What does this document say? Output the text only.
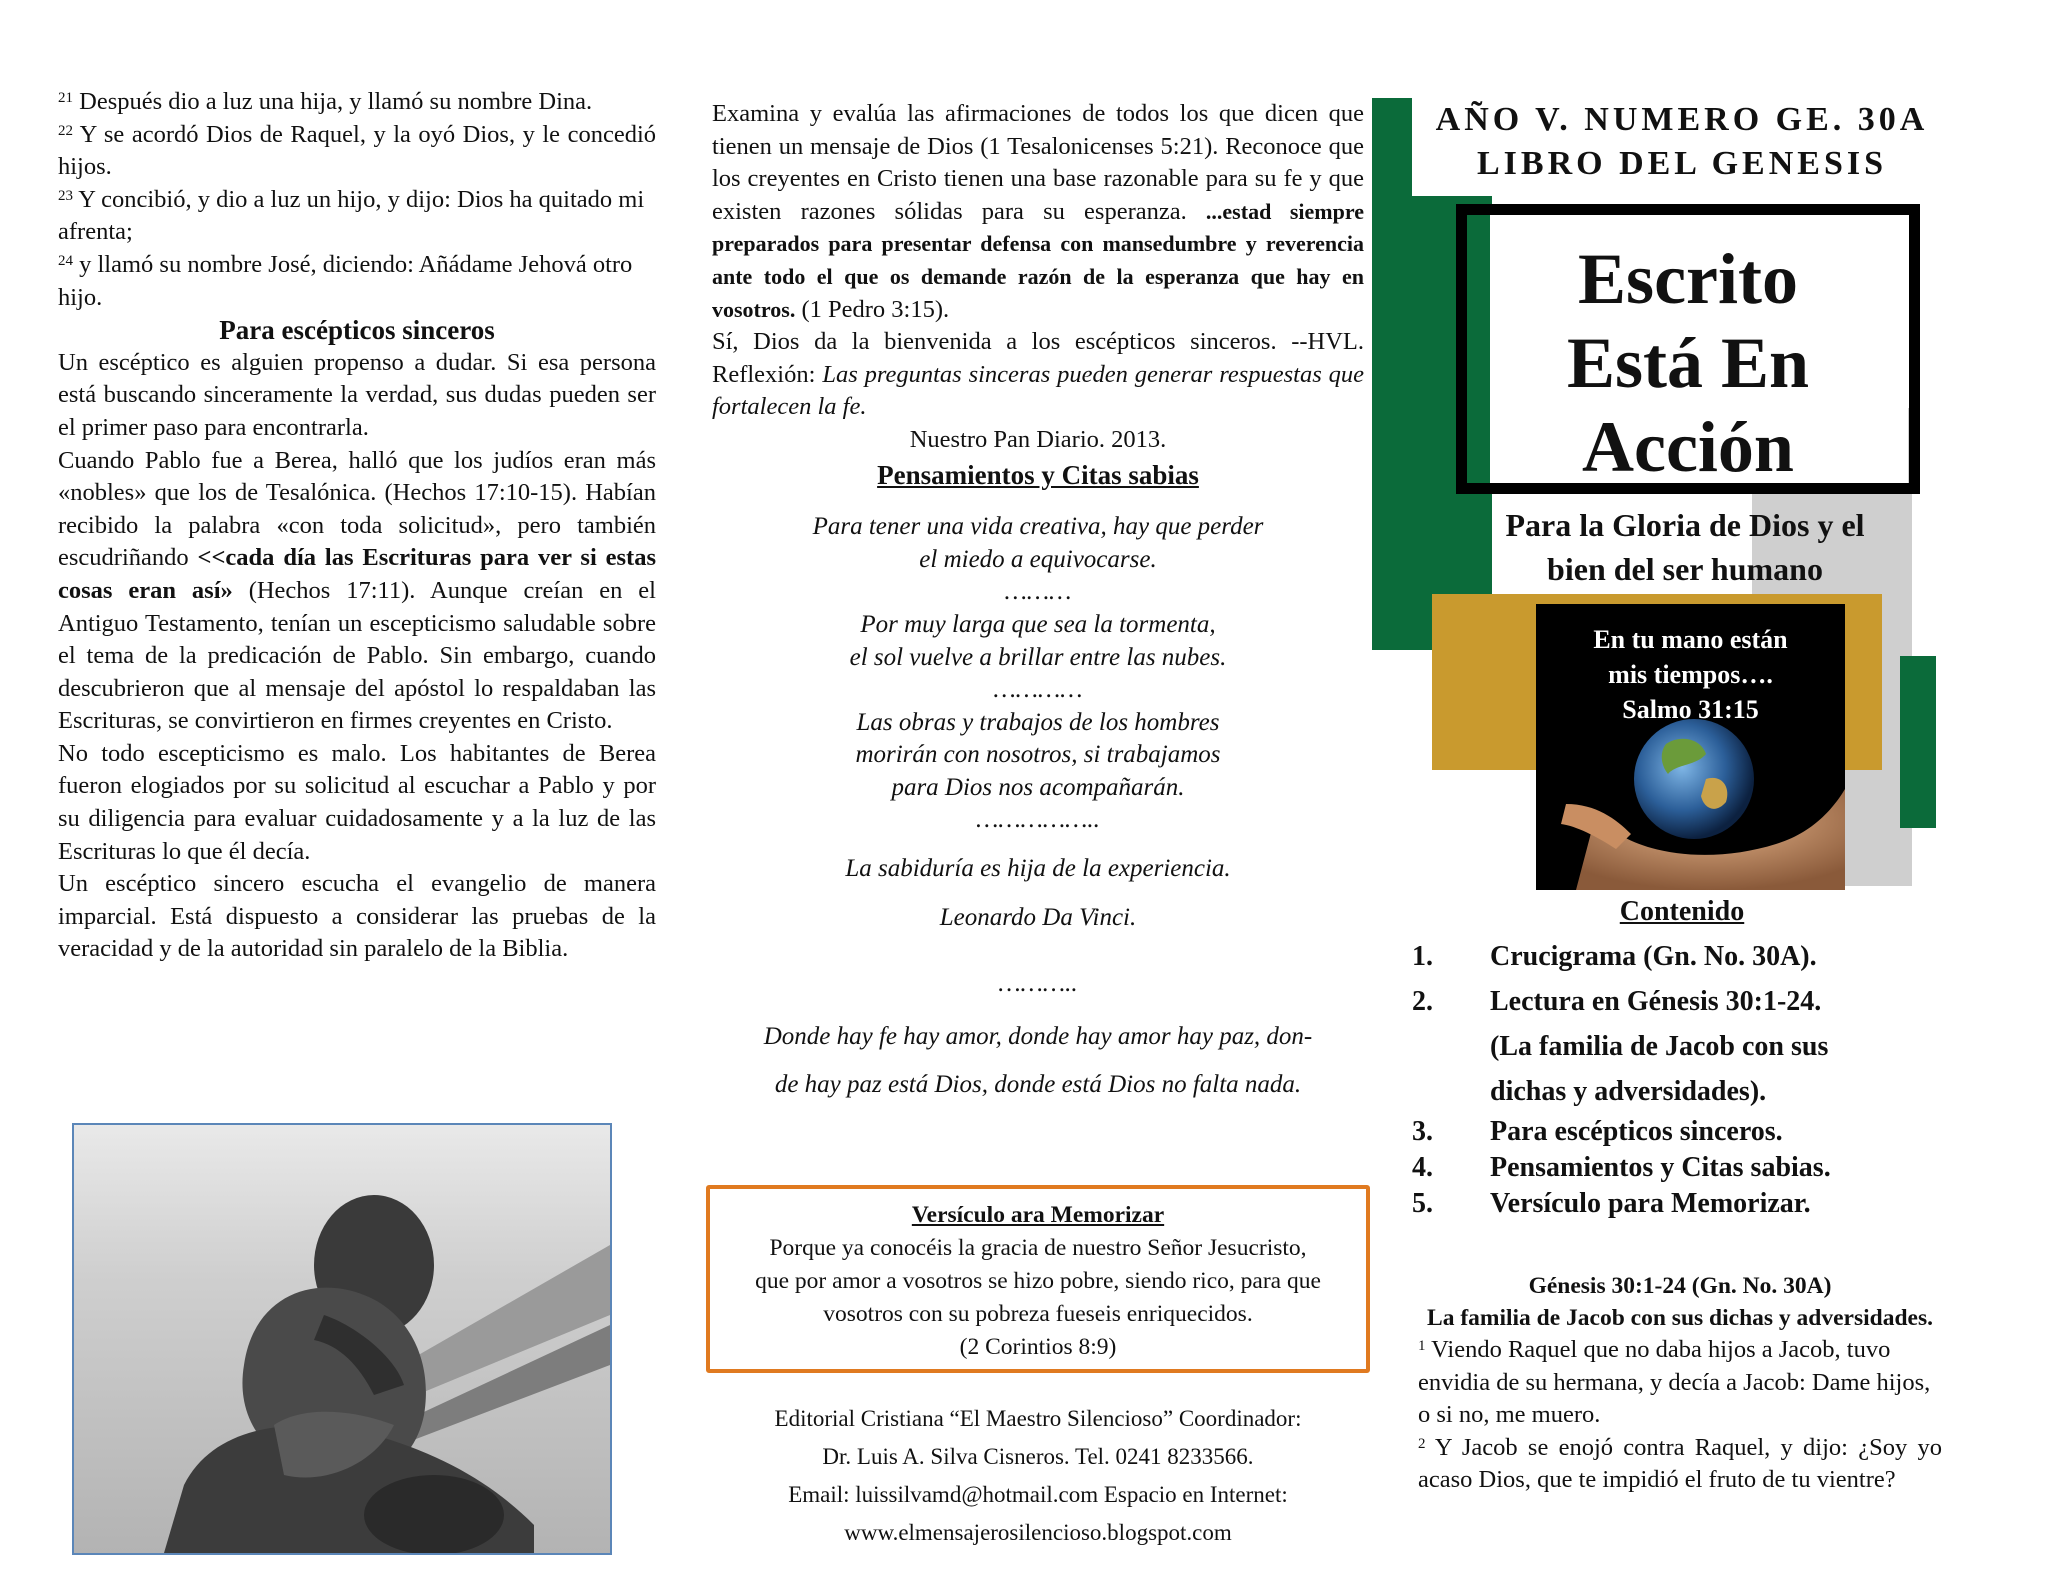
$^{21}$ Después dio a luz una hija, y llamó su nombre Dina.

$^{22}$ Y se acordó Dios de Raquel, y la oyó Dios, y le concedió hijos.

$^{23}$ Y concibió, y dio a luz un hijo, y dijo: Dios ha quitado mi afrenta;

$^{24}$ y llamó su nombre José, diciendo: Añádame Jehová otro hijo.

Para escépticos sinceros

Un escéptico es alguien propenso a dudar. Si esa persona está buscando sinceramente la verdad, sus dudas pueden ser el primer paso para encontrarla.

Cuando Pablo fue a Berea, halló que los judíos eran más «nobles» que los de Tesalónica. (Hechos 17:10-15). Habían recibido la palabra «con toda solicitud», pero también escudriñando <<cada día las Escrituras para ver si estas cosas eran así» (Hechos 17:11). Aunque creían en el Antiguo Testamento, tenían un escepticismo saludable sobre el tema de la predicación de Pablo. Sin embargo, cuando descubrieron que al mensaje del apóstol lo respaldaban las Escrituras, se convirtieron en firmes creyentes en Cristo.

No todo escepticismo es malo. Los habitantes de Berea fueron elogiados por su solicitud al escuchar a Pablo y por su diligencia para evaluar cuidadosamente y a la luz de las Escrituras lo que él decía.

Un escéptico sincero escucha el evangelio de manera imparcial. Está dispuesto a considerar las pruebas de la veracidad y de la autoridad sin paralelo de la Biblia.

Examina y evalúa las afirmaciones de todos los que dicen que tienen un mensaje de Dios (1 Tesalonicenses 5:21). Reconoce que los creyentes en Cristo tienen una base razonable para su fe y que existen razones sólidas para su esperanza. ...estad siempre preparados para presentar defensa con mansedumbre y reverencia ante todo el que os demande razón de la esperanza que hay en vosotros. (1 Pedro 3:15).

Sí, Dios da la bienvenida a los escépticos sinceros. --HVL. Reflexión: Las preguntas sinceras pueden generar respuestas que fortalecen la fe.

Nuestro Pan Diario. 2013.

Pensamientos y Citas sabias

Para tener una vida creativa, hay que perder

el miedo a equivocarse.

………

Por muy larga que sea la tormenta,

el sol vuelve a brillar entre las nubes.

…………

Las obras y trabajos de los hombres

morirán con nosotros, si trabajamos

para Dios nos acompañarán.

……………..

La sabiduría es hija de la experiencia.

Leonardo Da Vinci.

………..

Donde hay fe hay amor, donde hay amor hay paz, don-

de hay paz está Dios, donde está Dios no falta nada.

Versículo ara Memorizar
Porque ya conocéis la gracia de nuestro Señor Jesucristo,
que por amor a vosotros se hizo pobre, siendo rico, para que
vosotros con su pobreza fueseis enriquecidos.
(2 Corintios 8:9)
Editorial Cristiana “El Maestro Silencioso” Coordinador:
Dr. Luis A. Silva Cisneros. Tel. 0241 8233566.
Email: luissilvamd@hotmail.com Espacio en Internet:
www.elmensajerosilencioso.blogspot.com
AÑO V. NUMERO GE. 30A
LIBRO DEL GENESIS
Escrito
Está En
Acción
Para la Gloria de Dios y el
bien del ser humano
En tu mano están
mis tiempos….
Salmo 31:15
Contenido
1.	Crucigrama (Gn. No. 30A).
2.	Lectura en Génesis 30:1-24.
(La familia de Jacob con sus
dichas y adversidades).
3.	Para escépticos sinceros.
4.	Pensamientos y Citas sabias.
5.	Versículo para Memorizar.
Génesis 30:1-24 (Gn. No. 30A)
La familia de Jacob con sus dichas y adversidades.

$^1$ Viendo Raquel que no daba hijos a Jacob, tuvo envidia de su hermana, y decía a Jacob: Dame hijos, o si no, me muero.

$^2$ Y Jacob se enojó contra Raquel, y dijo: ¿Soy yo acaso Dios, que te impidió el fruto de tu vientre?
